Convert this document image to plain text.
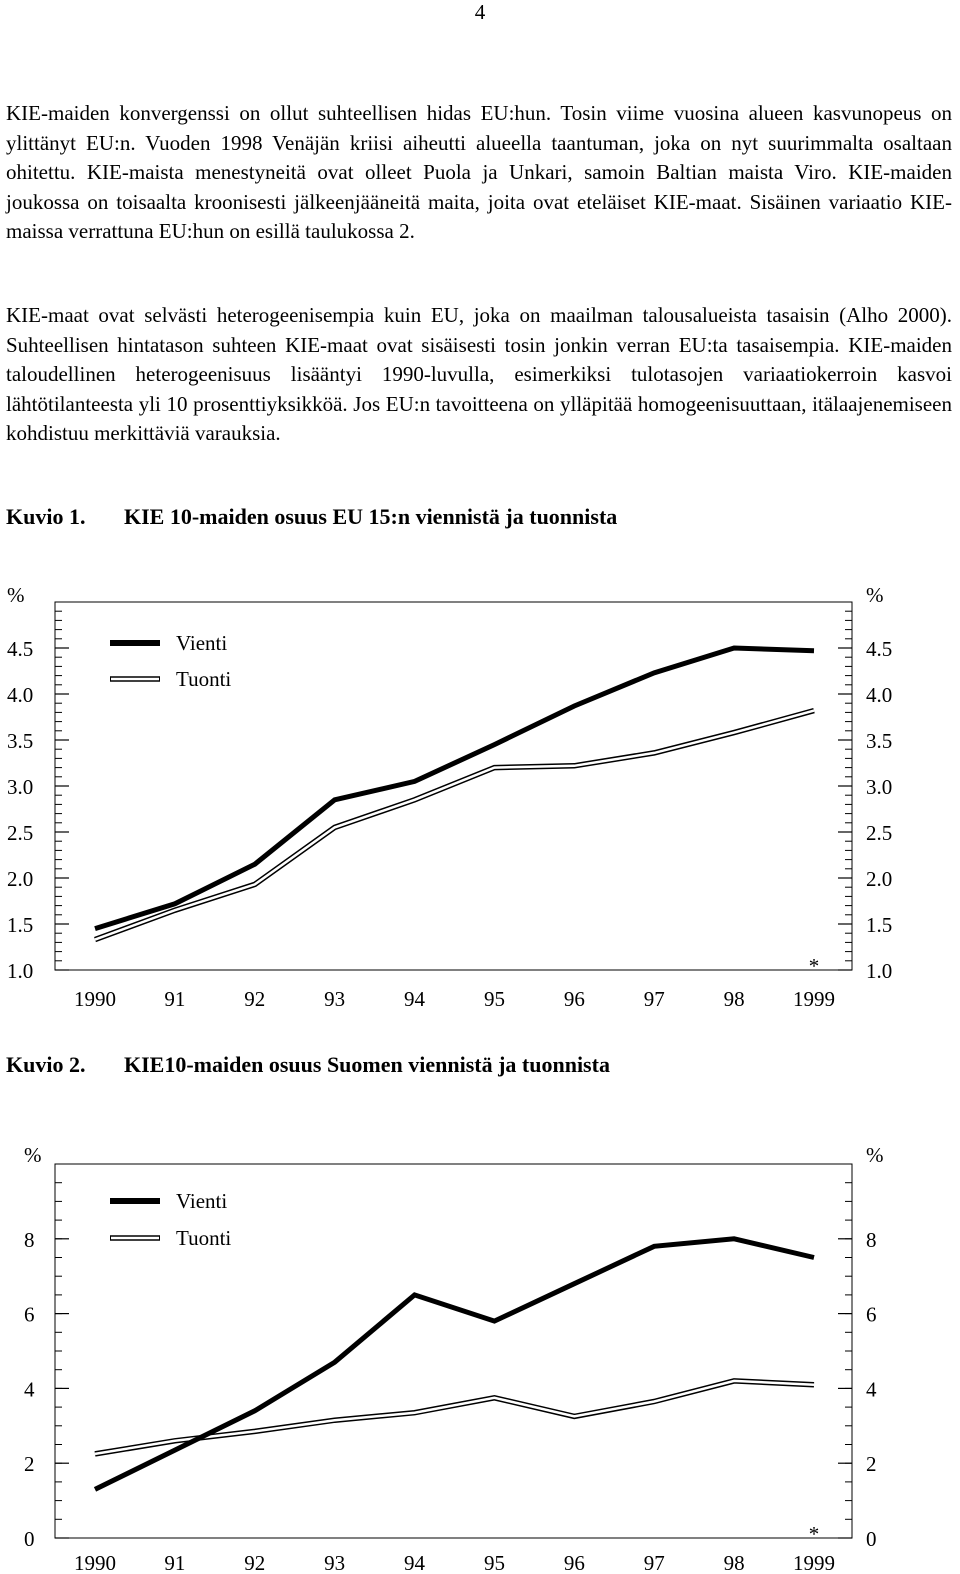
4

KIE-maiden konvergenssi on ollut suhteellisen hidas EU:hun. Tosin viime vuosina alueen kasvunopeus on ylittänyt EU:n. Vuoden 1998 Venäjän kriisi aiheutti alueella taantuman, joka on nyt suurimmalta osaltaan ohitettu. KIE-maista menestyneitä ovat olleet Puola ja Unkari, samoin Baltian maista Viro. KIE-maiden joukossa on toisaalta kroonisesti jälkeenjääneitä maita, joita ovat eteläiset KIE-maat. Sisäinen variaatio KIE-maissa verrattuna EU:hun on esillä taulukossa 2.

KIE-maat ovat selvästi heterogeenisempia kuin EU, joka on maailman talousalueista tasaisin (Alho 2000). Suhteellisen hintatason suhteen KIE-maat ovat sisäisesti tosin jonkin verran EU:ta tasaisempia. KIE-maiden taloudellinen heterogeenisuus lisääntyi 1990-luvulla, esimerkiksi tulotasojen variaatiokerroin kasvoi lähtötilanteesta yli 10 prosenttiyksikköä. Jos EU:n tavoitteena on ylläpitää homogeenisuuttaan, itälaajenemiseen kohdistuu merkittäviä varauksia.

Kuvio 1. KIE 10-maiden osuus EU 15:n viennistä ja tuonnista
1.0	1.0
1.5	1.5
2.0	2.0
2.5	2.5
3.0	3.0
3.5	3.5
4.0	4.0
4.5	4.5
%	%
1990 91	92	93	94	95	96	97	98 1999
*
Vienti
Tuonti
Kuvio 2. KIE10-maiden osuus Suomen viennistä ja tuonnista
0	0
2	2
4	4
6	6
8	8
%	%
1990 91	92	93	94	95	96	97	98 1999
*
Vienti
Tuonti
